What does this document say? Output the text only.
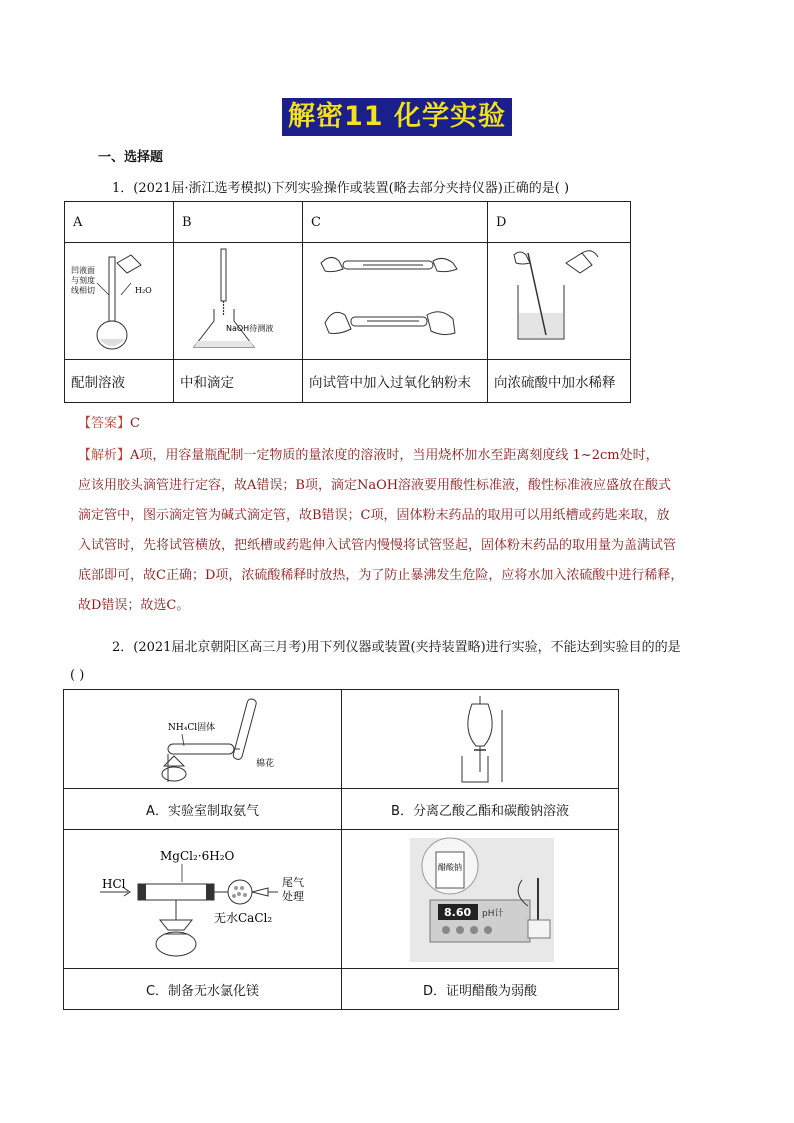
解密11 化学实验
一、选择题
1．(2021届·浙江选考模拟)下列实验操作或装置(略去部分夹持仪器)正确的是( )
A	B	C	D

凹液面
与刻度
线相切 H₂O	NaOH待测液

配制溶液	中和滴定	向试管中加入过氧化钠粉末	向浓硫酸中加水稀释
【答案】C

【解析】A项，用容量瓶配制一定物质的量浓度的溶液时，当用烧杯加水至距离刻度线 1~2cm处时，

应该用胶头滴管进行定容，故A错误；B项，滴定NaOH溶液要用酸性标准液，酸性标准液应盛放在酸式

滴定管中，图示滴定管为碱式滴定管，故B错误；C项，固体粉末药品的取用可以用纸槽或药匙来取，放

入试管时，先将试管横放，把纸槽或药匙伸入试管内慢慢将试管竖起，固体粉末药品的取用量为盖满试管

底部即可，故C正确；D项，浓硫酸稀释时放热，为了防止暴沸发生危险，应将水加入浓硫酸中进行稀释，

故D错误；故选C。

2．(2021届北京朝阳区高三月考)用下列仪器或装置(夹持装置略)进行实验，不能达到实验目的的是
( )
NH₄Cl固体
棉花

A．实验室制取氨气	B．分离乙酸乙酯和碳酸钠溶液

HCl
MgCl₂·6H₂O
尾气
处理
无水CaCl₂	醋酸钠
8.60 pH计

C．制备无水氯化镁	D．证明醋酸为弱酸
